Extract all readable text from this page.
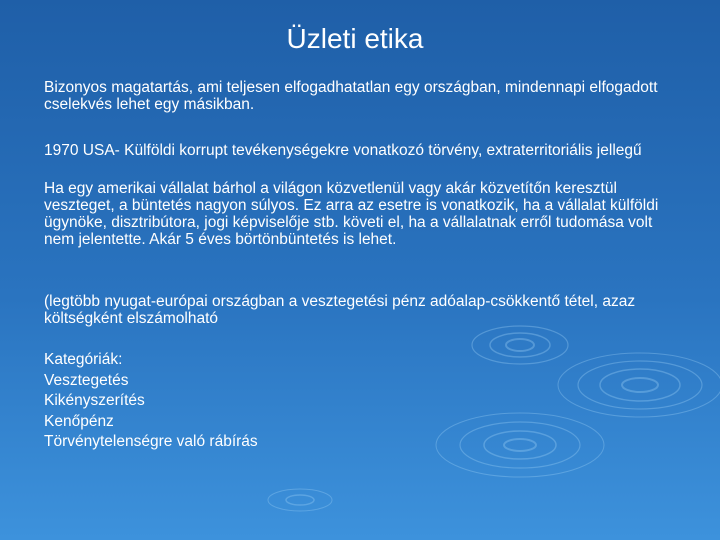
Üzleti etika

Bizonyos magatartás, ami teljesen elfogadhatatlan egy országban, mindennapi elfogadott cselekvés lehet egy másikban.

1970 USA- Külföldi korrupt tevékenységekre vonatkozó törvény, extraterritoriális jellegű

Ha egy amerikai vállalat bárhol a világon közvetlenül vagy akár közvetítőn keresztül veszteget, a büntetés nagyon súlyos. Ez arra az esetre is vonatkozik, ha a vállalat külföldi ügynöke, disztribútora, jogi képviselője stb. követi el, ha a vállalatnak erről tudomása volt nem jelentette. Akár 5 éves börtönbüntetés is lehet.

(legtöbb nyugat-európai országban a vesztegetési pénz adóalap-csökkentő tétel, azaz költségként elszámolható

Kategóriák:
Vesztegetés
Kikényszerítés
Kenőpénz
Törvénytelenségre való rábírás
